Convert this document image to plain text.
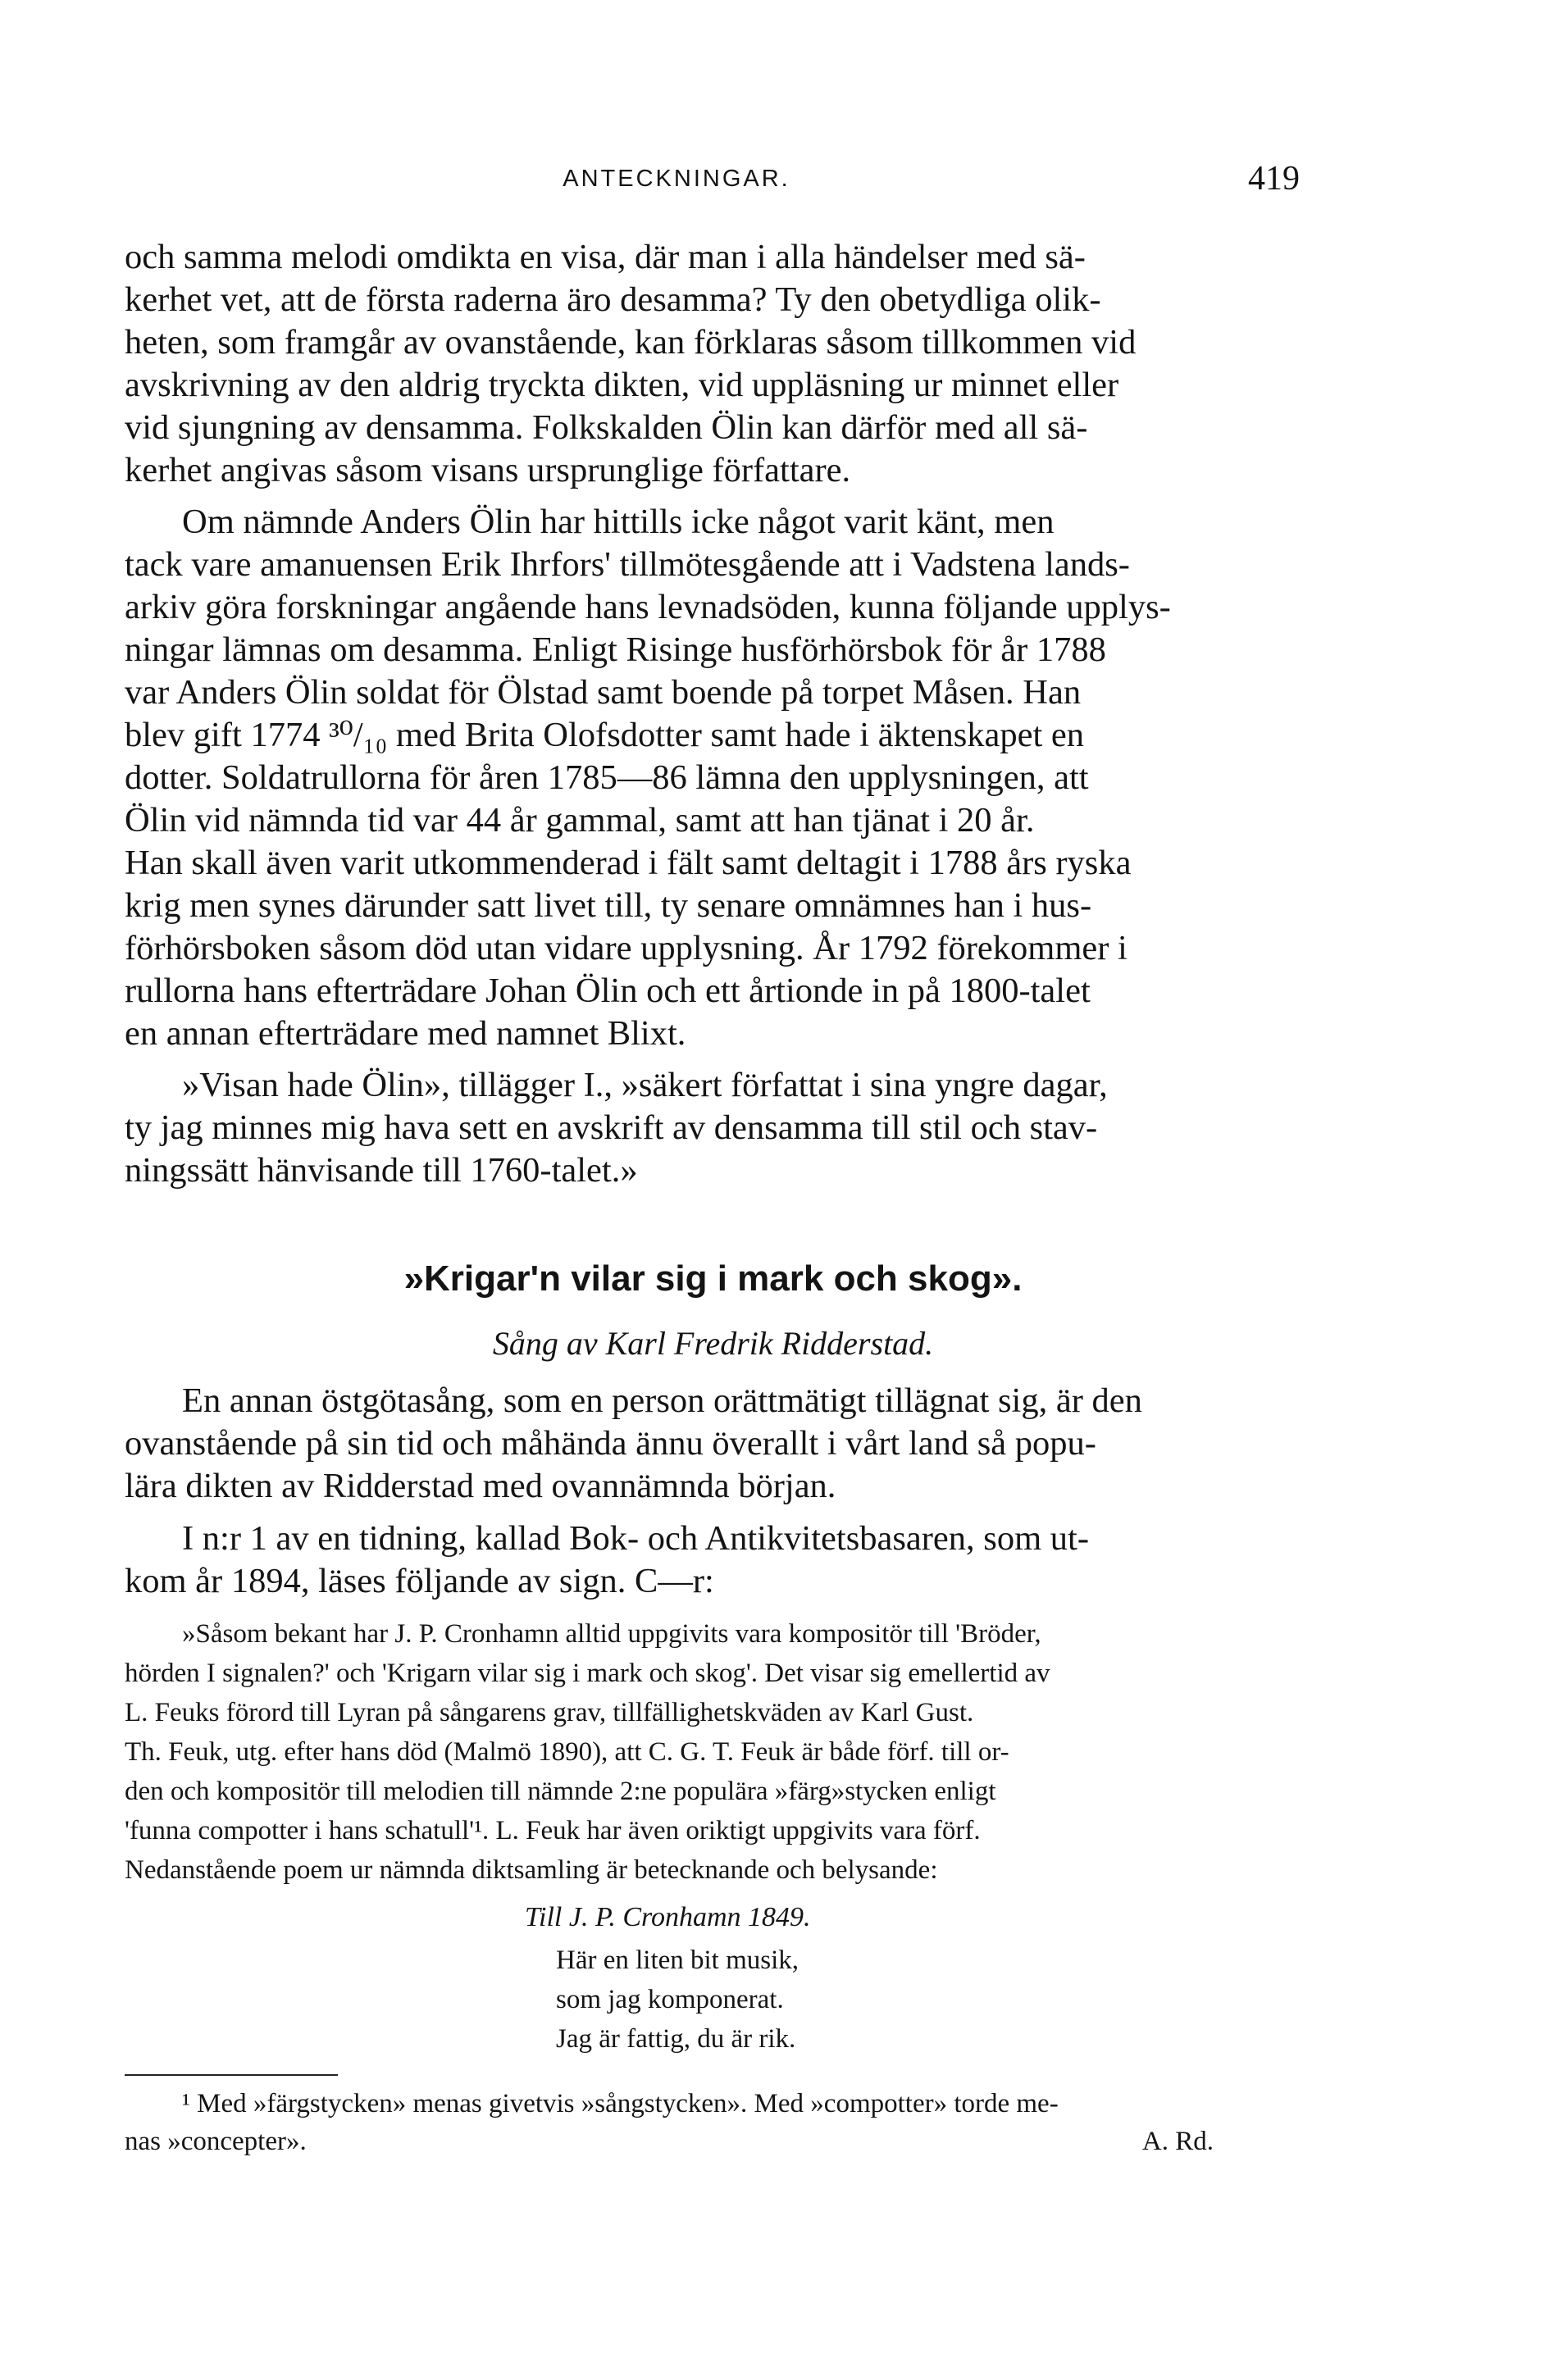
ANTECKNINGAR.	419
och samma melodi omdikta en visa, där man i alla händelser med sä-
kerhet vet, att de första raderna äro desamma? Ty den obetydliga olik-
heten, som framgår av ovanstående, kan förklaras såsom tillkommen vid
avskrivning av den aldrig tryckta dikten, vid uppläsning ur minnet eller
vid sjungning av densamma. Folkskalden Ölin kan därför med all sä-
kerhet angivas såsom visans ursprunglige författare.
Om nämnde Anders Ölin har hittills icke något varit känt, men
tack vare amanuensen Erik Ihrfors' tillmötesgående att i Vadstena lands-
arkiv göra forskningar angående hans levnadsöden, kunna följande upplys-
ningar lämnas om desamma. Enligt Risinge husförhörsbok för år 1788
var Anders Ölin soldat för Ölstad samt boende på torpet Måsen. Han
blev gift 1774 ³⁰/₁₀ med Brita Olofsdotter samt hade i äktenskapet en
dotter. Soldatrullorna för åren 1785—86 lämna den upplysningen, att
Ölin vid nämnda tid var 44 år gammal, samt att han tjänat i 20 år.
Han skall även varit utkommenderad i fält samt deltagit i 1788 års ryska
krig men synes därunder satt livet till, ty senare omnämnes han i hus-
förhörsboken såsom död utan vidare upplysning. År 1792 förekommer i
rullorna hans efterträdare Johan Ölin och ett årtionde in på 1800-talet
en annan efterträdare med namnet Blixt.
»Visan hade Ölin», tillägger I., »säkert författat i sina yngre dagar,
ty jag minnes mig hava sett en avskrift av densamma till stil och stav-
ningssätt hänvisande till 1760-talet.»
»Krigar'n vilar sig i mark och skog».
Sång av Karl Fredrik Ridderstad.
En annan östgötasång, som en person orättmätigt tillägnat sig, är den
ovanstående på sin tid och måhända ännu överallt i vårt land så popu-
lära dikten av Ridderstad med ovannämnda början.
I n:r 1 av en tidning, kallad Bok- och Antikvitetsbasaren, som ut-
kom år 1894, läses följande av sign. C—r:
»Såsom bekant har J. P. Cronhamn alltid uppgivits vara kompositör till 'Bröder,
hörden I signalen?' och 'Krigarn vilar sig i mark och skog'. Det visar sig emellertid av
L. Feuks förord till Lyran på sångarens grav, tillfällighetskväden av Karl Gust.
Th. Feuk, utg. efter hans död (Malmö 1890), att C. G. T. Feuk är både förf. till or-
den och kompositör till melodien till nämnde 2:ne populära »färg»stycken enligt
'funna compotter i hans schatull'¹. L. Feuk har även oriktigt uppgivits vara förf.
Nedanstående poem ur nämnda diktsamling är betecknande och belysande:
Till J. P. Cronhamn 1849.
Här en liten bit musik,
som jag komponerat.
Jag är fattig, du är rik.
¹ Med »färgstycken» menas givetvis »sångstycken». Med »compotter» torde me-
nas »concepter».	A. Rd.
